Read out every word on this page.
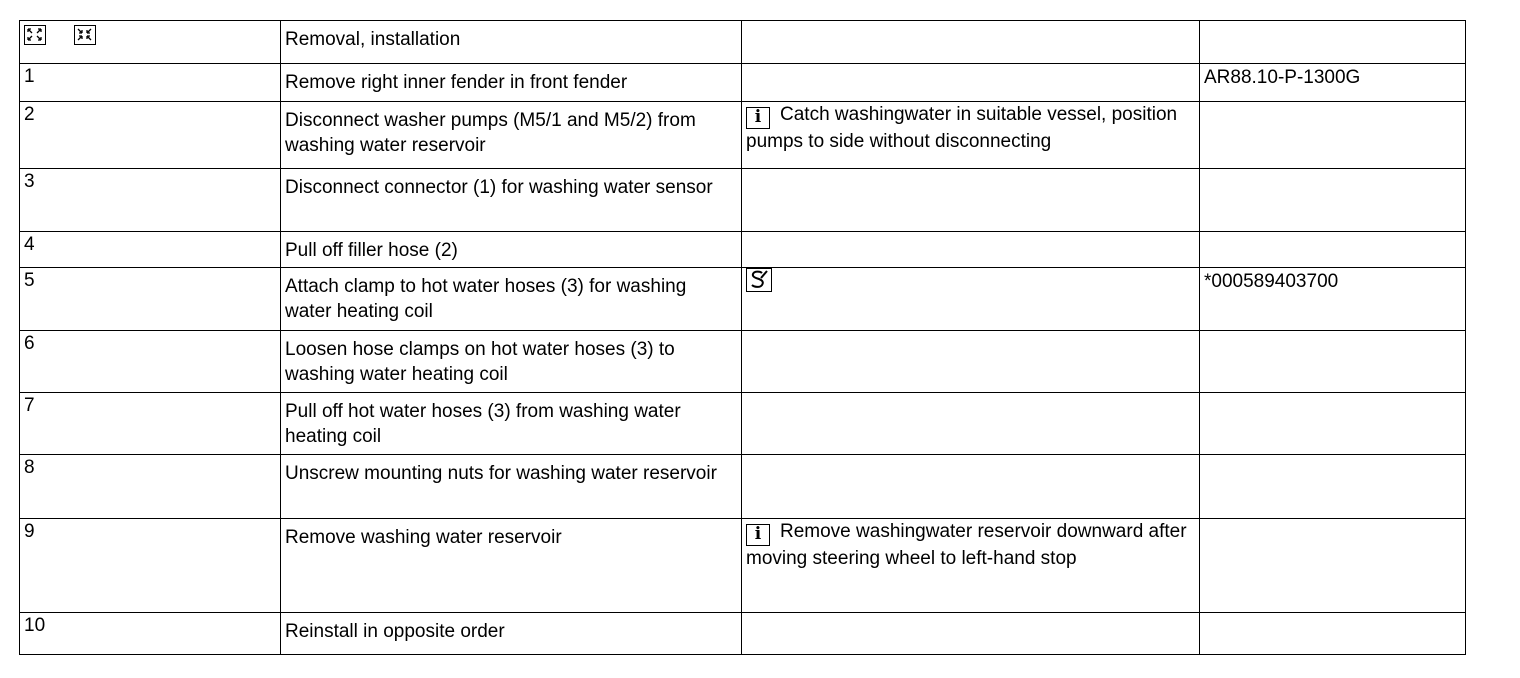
Removal, installation		

1	Remove right inner fender in front fender		AR88.10-P-1300G

2	Disconnect washer pumps (M5/1 and M5/2) from washing water reservoir	i Catch washingwater in suitable vessel, position pumps to side without disconnecting	

3	Disconnect connector (1) for washing water sensor		

4	Pull off filler hose (2)		

5	Attach clamp to hot water hoses (3) for washing water heating coil		*000589403700

6	Loosen hose clamps on hot water hoses (3) to washing water heating coil		

7	Pull off hot water hoses (3) from washing water heating coil		

8	Unscrew mounting nuts for washing water reservoir		

9	Remove washing water reservoir	i Remove washingwater reservoir downward after moving steering wheel to left-hand stop	

10	Reinstall in opposite order		
